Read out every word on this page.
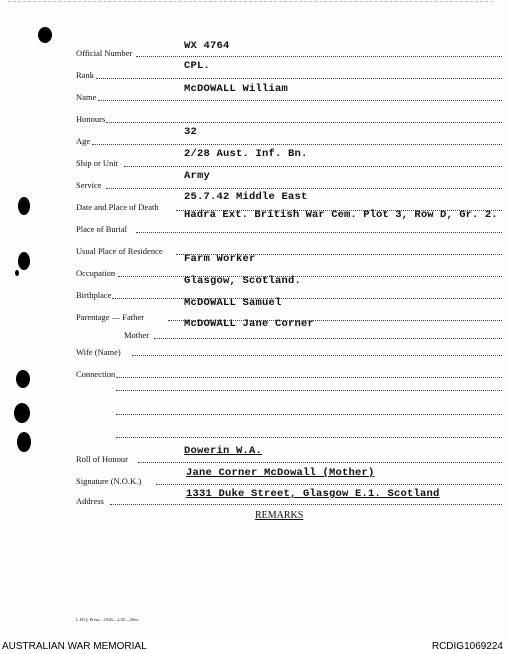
Official Number
WX 4764
Rank
CPL.
Name
McDOWALL William
Honours
Age
32
Ship or Unit
2/28 Aust. Inf. Bn.
Service
Army
Date and Place of Death
25.7.42 Middle East
Place of Burial
Hadra Ext. British War Cem. Plot 3, Row D, Gr. 2.
Usual Place of Residence
Occupation
Farm Worker
Birthplace
Glasgow, Scotland.
Parentage — Father
McDOWALL Samuel
Mother
McDOWALL Jane Corner
Wife (Name)
Connection
Roll of Honour
Dowerin W.A.
Signature (N.O.K.)
Jane Corner McDowall (Mother)
Address
1331 Duke Street, Glasgow E.1. Scotland
REMARKS
L.H.Q. Press—1926—1/45—20m.
AUSTRALIAN WAR MEMORIAL	RCDIG1069224
